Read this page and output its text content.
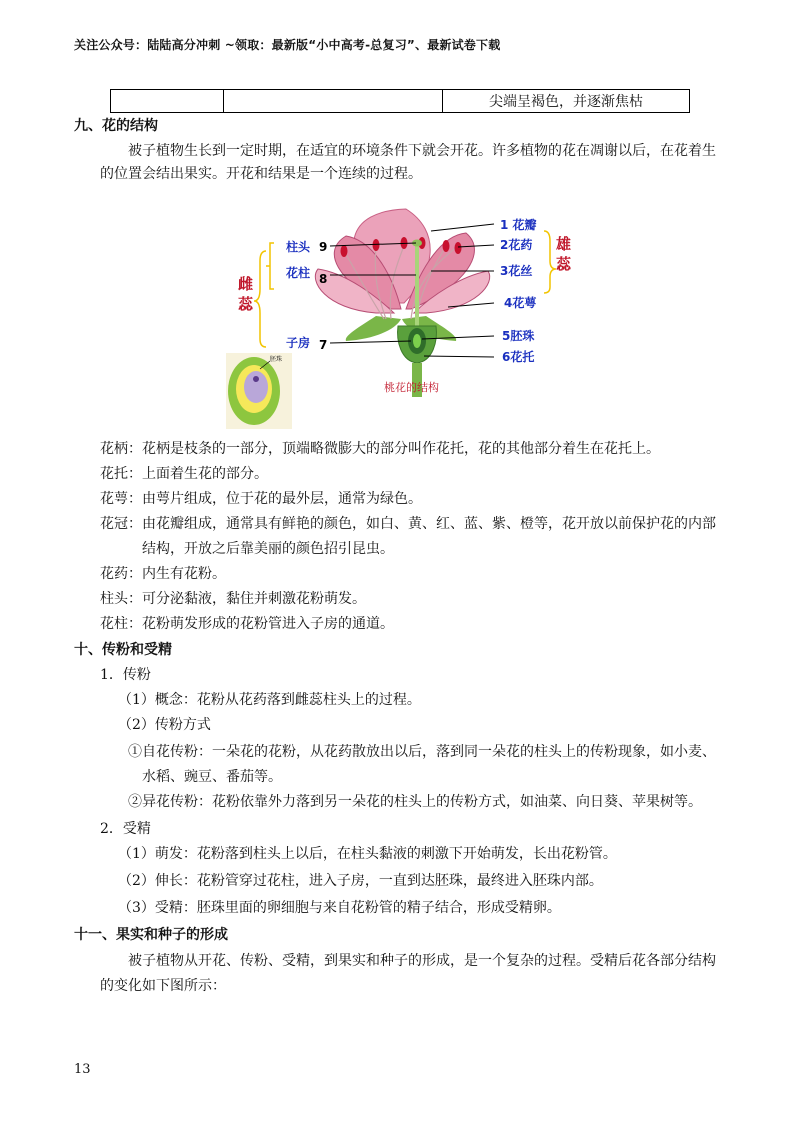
关注公众号：陆陆高分冲刺 ~领取：最新版“小中高考-总复习”、最新试卷下载
		尖端呈褐色，并逐渐焦枯
九、花的结构
被子植物生长到一定时期，在适宜的环境条件下就会开花。许多植物的花在凋谢以后，在花着生
的位置会结出果实。开花和结果是一个连续的过程。
柱头 9
花柱 8
子房 7
雌
蕊
1 花瓣
2花药
3花丝
4花萼
5胚珠
6花托
雄
蕊
桃花的结构
胚珠
花柄：花柄是枝条的一部分，顶端略微膨大的部分叫作花托，花的其他部分着生在花托上。
花托：上面着生花的部分。
花萼：由萼片组成，位于花的最外层，通常为绿色。
花冠：由花瓣组成，通常具有鲜艳的颜色，如白、黄、红、蓝、紫、橙等，花开放以前保护花的内部
结构，开放之后靠美丽的颜色招引昆虫。
花药：内生有花粉。
柱头：可分泌黏液，黏住并刺激花粉萌发。
花柱：花粉萌发形成的花粉管进入子房的通道。
十、传粉和受精
1．传粉
（1）概念：花粉从花药落到雌蕊柱头上的过程。
（2）传粉方式
①自花传粉：一朵花的花粉，从花药散放出以后，落到同一朵花的柱头上的传粉现象，如小麦、
水稻、豌豆、番茄等。
②异花传粉：花粉依靠外力落到另一朵花的柱头上的传粉方式，如油菜、向日葵、苹果树等。
2．受精
（1）萌发：花粉落到柱头上以后，在柱头黏液的刺激下开始萌发，长出花粉管。
（2）伸长：花粉管穿过花柱，进入子房，一直到达胚珠，最终进入胚珠内部。
（3）受精：胚珠里面的卵细胞与来自花粉管的精子结合，形成受精卵。
十一、果实和种子的形成
被子植物从开花、传粉、受精，到果实和种子的形成，是一个复杂的过程。受精后花各部分结构
的变化如下图所示：
13
